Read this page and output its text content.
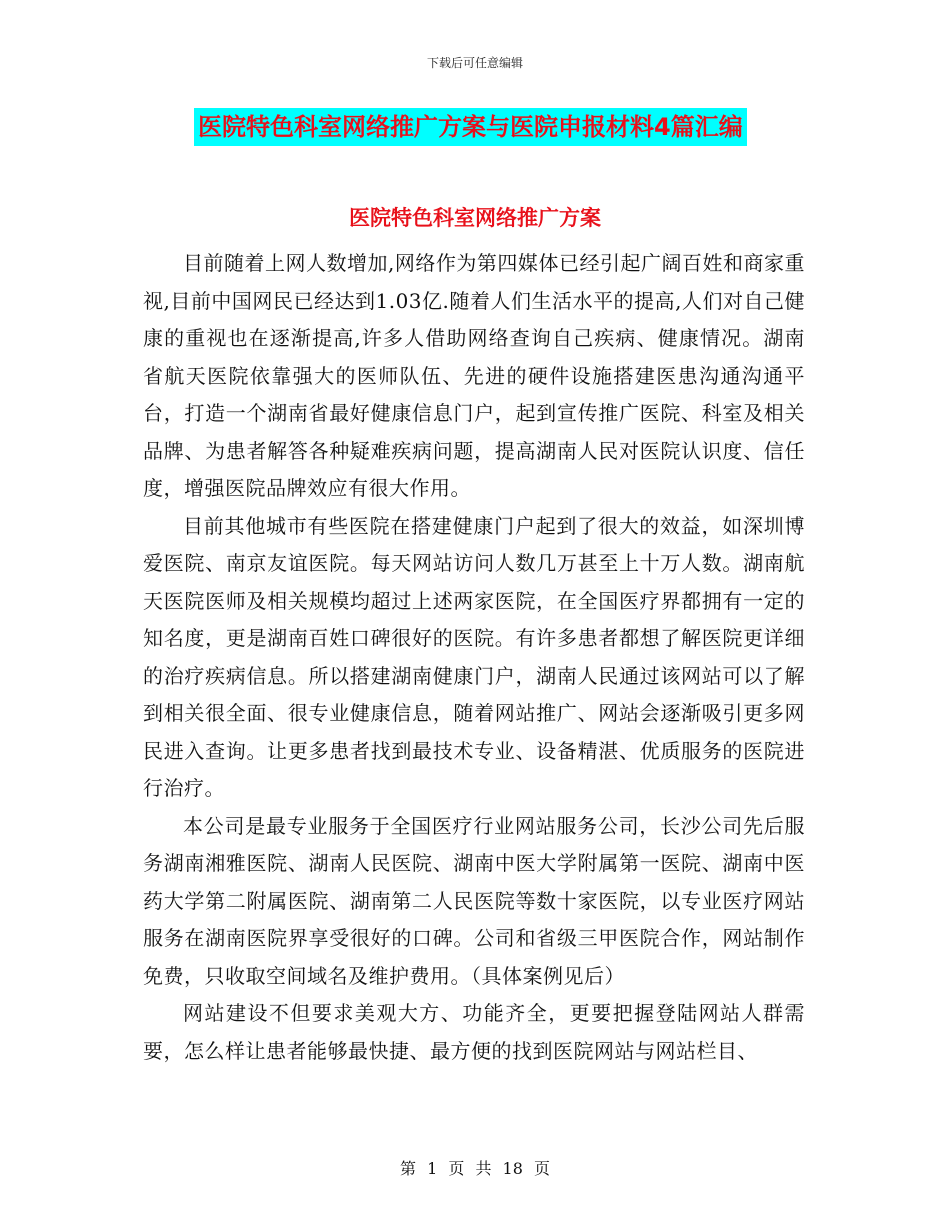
下载后可任意编辑
医院特色科室网络推广方案与医院申报材料4篇汇编
医院特色科室网络推广方案

目前随着上网人数增加,网络作为第四媒体已经引起广阔百姓和商家重视,目前中国网民已经达到1.03亿.随着人们生活水平的提高,人们对自己健康的重视也在逐渐提高,许多人借助网络查询自己疾病、健康情况。湖南省航天医院依靠强大的医师队伍、先进的硬件设施搭建医患沟通沟通平台，打造一个湖南省最好健康信息门户，起到宣传推广医院、科室及相关品牌、为患者解答各种疑难疾病问题，提高湖南人民对医院认识度、信任度，增强医院品牌效应有很大作用。

目前其他城市有些医院在搭建健康门户起到了很大的效益，如深圳博爱医院、南京友谊医院。每天网站访问人数几万甚至上十万人数。湖南航天医院医师及相关规模均超过上述两家医院，在全国医疗界都拥有一定的知名度，更是湖南百姓口碑很好的医院。有许多患者都想了解医院更详细的治疗疾病信息。所以搭建湖南健康门户，湖南人民通过该网站可以了解到相关很全面、很专业健康信息，随着网站推广、网站会逐渐吸引更多网民进入查询。让更多患者找到最技术专业、设备精湛、优质服务的医院进行治疗。

本公司是最专业服务于全国医疗行业网站服务公司，长沙公司先后服务湖南湘雅医院、湖南人民医院、湖南中医大学附属第一医院、湖南中医药大学第二附属医院、湖南第二人民医院等数十家医院，以专业医疗网站服务在湖南医院界享受很好的口碑。公司和省级三甲医院合作，网站制作免费，只收取空间域名及维护费用。（具体案例见后）

网站建设不但要求美观大方、功能齐全，更要把握登陆网站人群需要，怎么样让患者能够最快捷、最方便的找到医院网站与网站栏目、

第 1 页 共 18 页
